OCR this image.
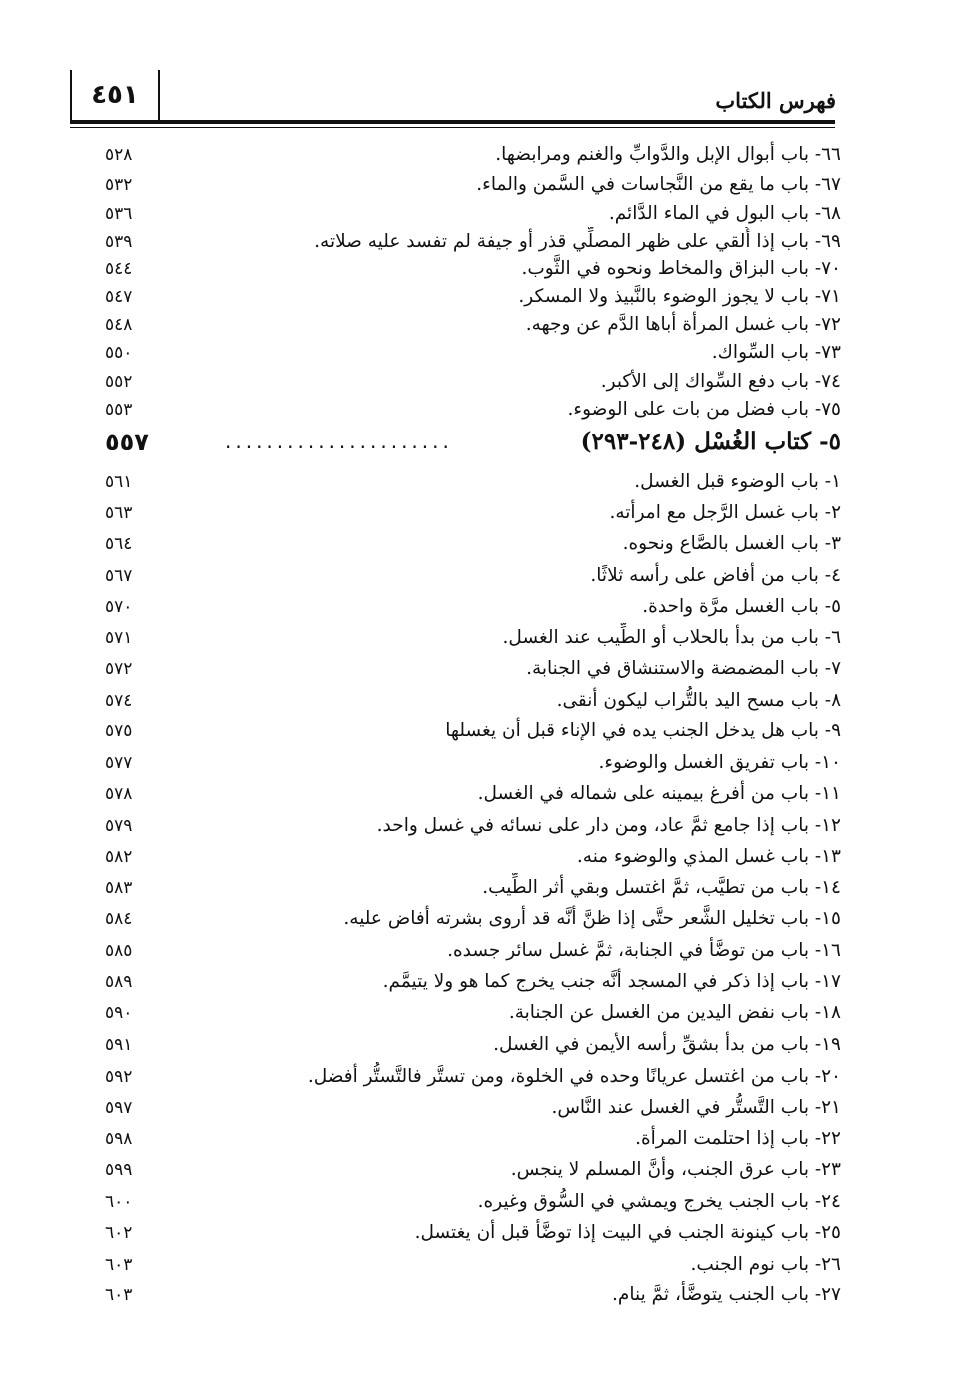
٤٥١	فهرس الكتاب
٦٦- باب أبوال الإبل والدَّوابِّ والغنم ومرابضها.
٥٢٨
٦٧- باب ما يقع من النَّجاسات في السَّمن والماء.
٥٣٢
٦٨- باب البول في الماء الدَّائم.
٥٣٦
٦٩- باب إذا أُلقي على ظهر المصلِّي قذر أو جيفة لم تفسد عليه صلاته.
٥٣٩
٧٠- باب البزاق والمخاط ونحوه في الثَّوب.
٥٤٤
٧١- باب لا يجوز الوضوء بالنَّبيذ ولا المسكر.
٥٤٧
٧٢- باب غسل المرأة أباها الدَّم عن وجهه.
٥٤٨
٧٣- باب السِّواك.
٥٥٠
٧٤- باب دفع السِّواك إلى الأكبر.
٥٥٢
٧٥- باب فضل من بات على الوضوء.
٥٥٣
٥- كتاب الغُسْل (٢٤٨-٢٩٣)
......................
٥٥٧
١- باب الوضوء قبل الغسل.
٥٦١
٢- باب غسل الرَّجل مع امرأته.
٥٦٣
٣- باب الغسل بالصَّاع ونحوه.
٥٦٤
٤- باب من أفاض على رأسه ثلاثًا.
٥٦٧
٥- باب الغسل مرَّة واحدة.
٥٧٠
٦- باب من بدأ بالحلاب أو الطِّيب عند الغسل.
٥٧١
٧- باب المضمضة والاستنشاق في الجنابة.
٥٧٢
٨- باب مسح اليد بالتُّراب ليكون أنقى.
٥٧٤
٩- باب هل يدخل الجنب يده في الإناء قبل أن يغسلها
٥٧٥
١٠- باب تفريق الغسل والوضوء.
٥٧٧
١١- باب من أفرغ بيمينه على شماله في الغسل.
٥٧٨
١٢- باب إذا جامع ثمَّ عاد، ومن دار على نسائه في غسل واحد.
٥٧٩
١٣- باب غسل المذي والوضوء منه.
٥٨٢
١٤- باب من تطيَّب، ثمَّ اغتسل وبقي أثر الطِّيب.
٥٨٣
١٥- باب تخليل الشَّعر حتَّى إذا ظنَّ أنَّه قد أروى بشرته أفاض عليه.
٥٨٤
١٦- باب من توضَّأ في الجنابة، ثمَّ غسل سائر جسده.
٥٨٥
١٧- باب إذا ذكر في المسجد أنَّه جنب يخرج كما هو ولا يتيمَّم.
٥٨٩
١٨- باب نفض اليدين من الغسل عن الجنابة.
٥٩٠
١٩- باب من بدأ بشقِّ رأسه الأيمن في الغسل.
٥٩١
٢٠- باب من اغتسل عريانًا وحده في الخلوة، ومن تستَّر فالتَّستُّر أفضل.
٥٩٢
٢١- باب التَّستُّر في الغسل عند النَّاس.
٥٩٧
٢٢- باب إذا احتلمت المرأة.
٥٩٨
٢٣- باب عرق الجنب، وأنَّ المسلم لا ينجس.
٥٩٩
٢٤- باب الجنب يخرج ويمشي في السُّوق وغيره.
٦٠٠
٢٥- باب كينونة الجنب في البيت إذا توضَّأ قبل أن يغتسل.
٦٠٢
٢٦- باب نوم الجنب.
٦٠٣
٢٧- باب الجنب يتوضَّأ، ثمَّ ينام.
٦٠٣
